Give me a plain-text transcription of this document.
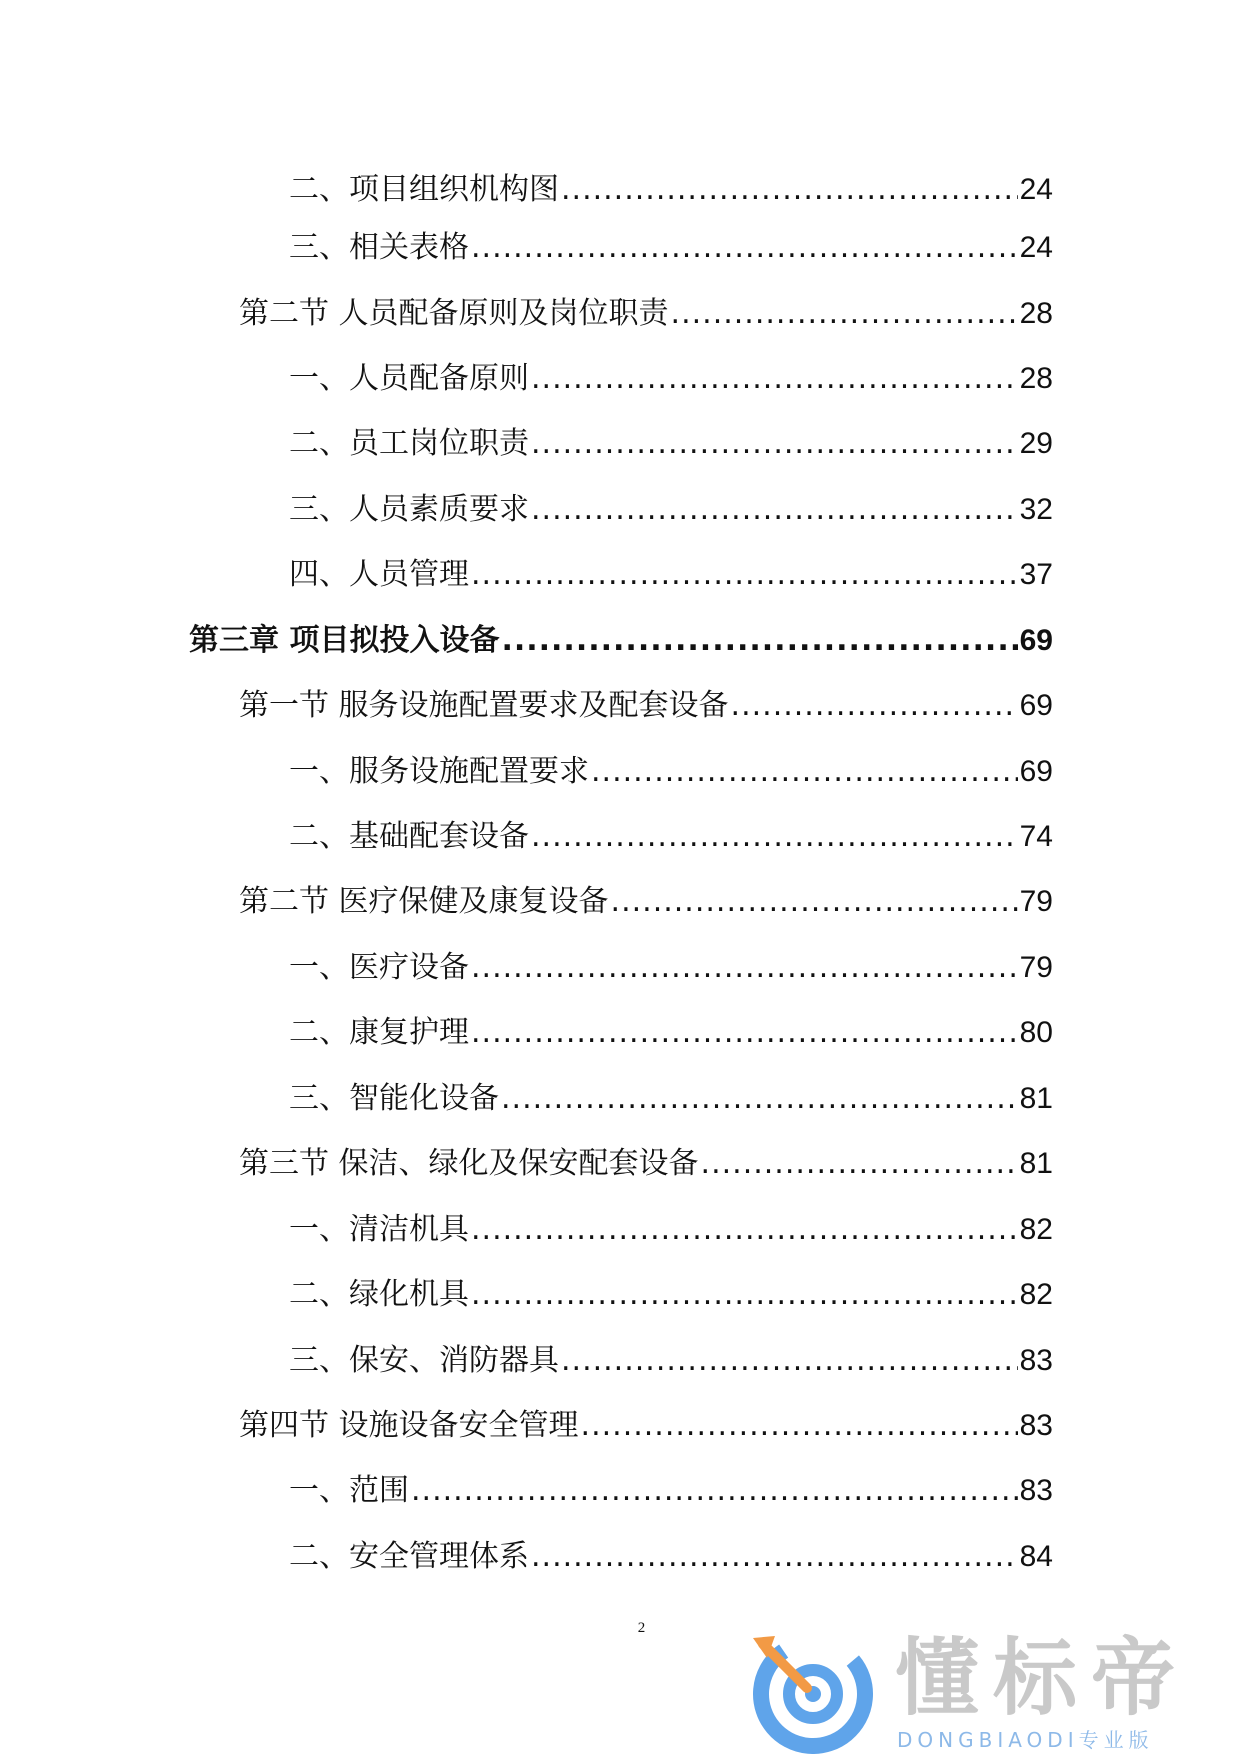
二、项目组织机构图 .....	24
三、相关表格 .....	24
第二节 人员配备原则及岗位职责 .....	28
一、人员配备原则 .....	28
二、员工岗位职责 .....	29
三、人员素质要求 .....	32
四、人员管理 .....	37
第三章 项目拟投入设备 .....	69
第一节 服务设施配置要求及配套设备 .....	69
一、服务设施配置要求 .....	69
二、基础配套设备 .....	74
第二节 医疗保健及康复设备 .....	79
一、医疗设备 .....	79
二、康复护理 .....	80
三、智能化设备 .....	81
第三节 保洁、绿化及保安配套设备 .....	81
一、清洁机具 .....	82
二、绿化机具 .....	82
三、保安、消防器具 .....	83
第四节 设施设备安全管理 .....	83
一、范围 .....	83
二、安全管理体系 .....	84
2
懂标帝
DONGBIAODI专业版
